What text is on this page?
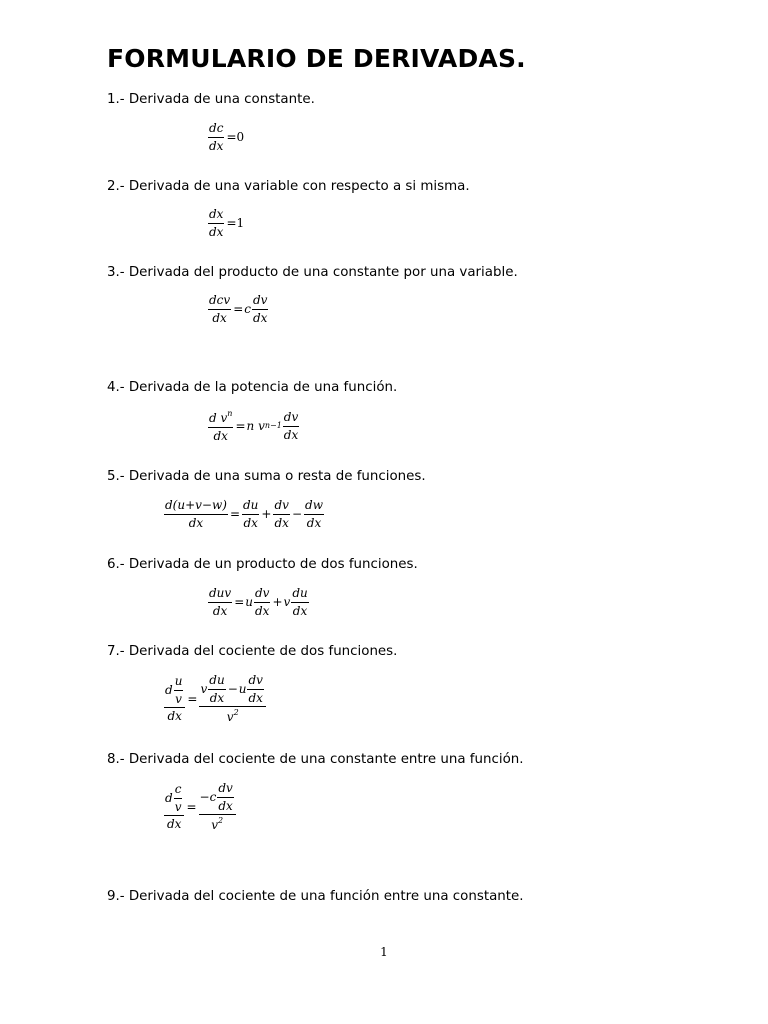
FORMULARIO DE DERIVADAS.
1.- Derivada de una constante.
$\frac{dc}{dx} =0$
2.- Derivada de una variable con respecto a si misma.
$\frac{dx}{dx} =1$
3.- Derivada del producto de una constante por una variable.
$\frac{\text{dcv}}{dx} = c \frac{dv}{dx}$
4.- Derivada de la potencia de una función.
$\frac{d v^n}{dx} = n$
v $n-1 \frac{dv}{dx}$
5.- Derivada de una suma o resta de funciones.
$\frac{d(u+v-w)}{dx} = \frac{du}{dx} + \frac{dv}{dx} - \frac{dw}{dx}$
6.- Derivada de un producto de dos funciones.
$\frac{\text{duv}}{dx} = u \frac{dv}{dx} + v \frac{du}{dx}$
7.- Derivada del cociente de dos funciones.
$\frac{d \frac{u}{v}}{dx} = \frac{v \frac{du}{dx} - u \frac{dv}{dx}}{v^2}$
8.- Derivada del cociente de una constante entre una función.
$\frac{d \frac{c}{v}}{dx} = \frac{-c \frac{dv}{dx}}{v^2}$
9.- Derivada del cociente de una función entre una constante.
1
